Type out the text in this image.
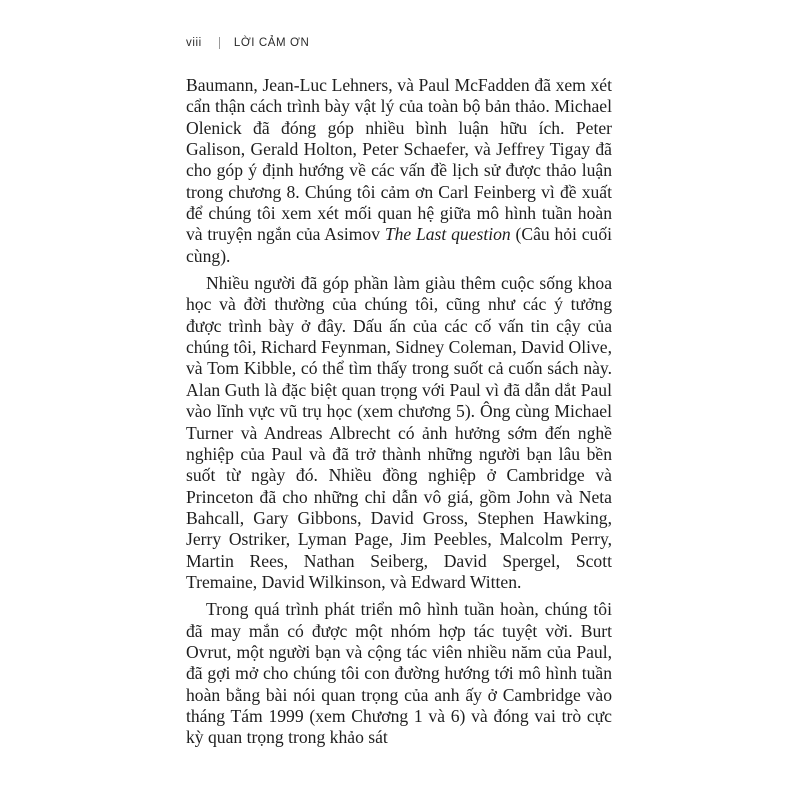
viii	LỜI CẢM ƠN

Baumann, Jean-Luc Lehners, và Paul McFadden đã xem xét cẩn thận cách trình bày vật lý của toàn bộ bản thảo. Michael Olenick đã đóng góp nhiều bình luận hữu ích. Peter Galison, Gerald Holton, Peter Schaefer, và Jeffrey Tigay đã cho góp ý định hướng về các vấn đề lịch sử được thảo luận trong chương 8. Chúng tôi cảm ơn Carl Feinberg vì đề xuất để chúng tôi xem xét mối quan hệ giữa mô hình tuần hoàn và truyện ngắn của Asimov The Last question (Câu hỏi cuối cùng).

Nhiều người đã góp phần làm giàu thêm cuộc sống khoa học và đời thường của chúng tôi, cũng như các ý tưởng được trình bày ở đây. Dấu ấn của các cố vấn tin cậy của chúng tôi, Richard Feynman, Sidney Coleman, David Olive, và Tom Kibble, có thể tìm thấy trong suốt cả cuốn sách này. Alan Guth là đặc biệt quan trọng với Paul vì đã dẫn dắt Paul vào lĩnh vực vũ trụ học (xem chương 5). Ông cùng Michael Turner và Andreas Albrecht có ảnh hưởng sớm đến nghề nghiệp của Paul và đã trở thành những người bạn lâu bền suốt từ ngày đó. Nhiều đồng nghiệp ở Cambridge và Princeton đã cho những chỉ dẫn vô giá, gồm John và Neta Bahcall, Gary Gibbons, David Gross, Stephen Hawking, Jerry Ostriker, Lyman Page, Jim Peebles, Malcolm Perry, Martin Rees, Nathan Seiberg, David Spergel, Scott Tremaine, David Wilkinson, và Edward Witten.

Trong quá trình phát triển mô hình tuần hoàn, chúng tôi đã may mắn có được một nhóm hợp tác tuyệt vời. Burt Ovrut, một người bạn và cộng tác viên nhiều năm của Paul, đã gợi mở cho chúng tôi con đường hướng tới mô hình tuần hoàn bằng bài nói quan trọng của anh ấy ở Cambridge vào tháng Tám 1999 (xem Chương 1 và 6) và đóng vai trò cực kỳ quan trọng trong khảo sát
